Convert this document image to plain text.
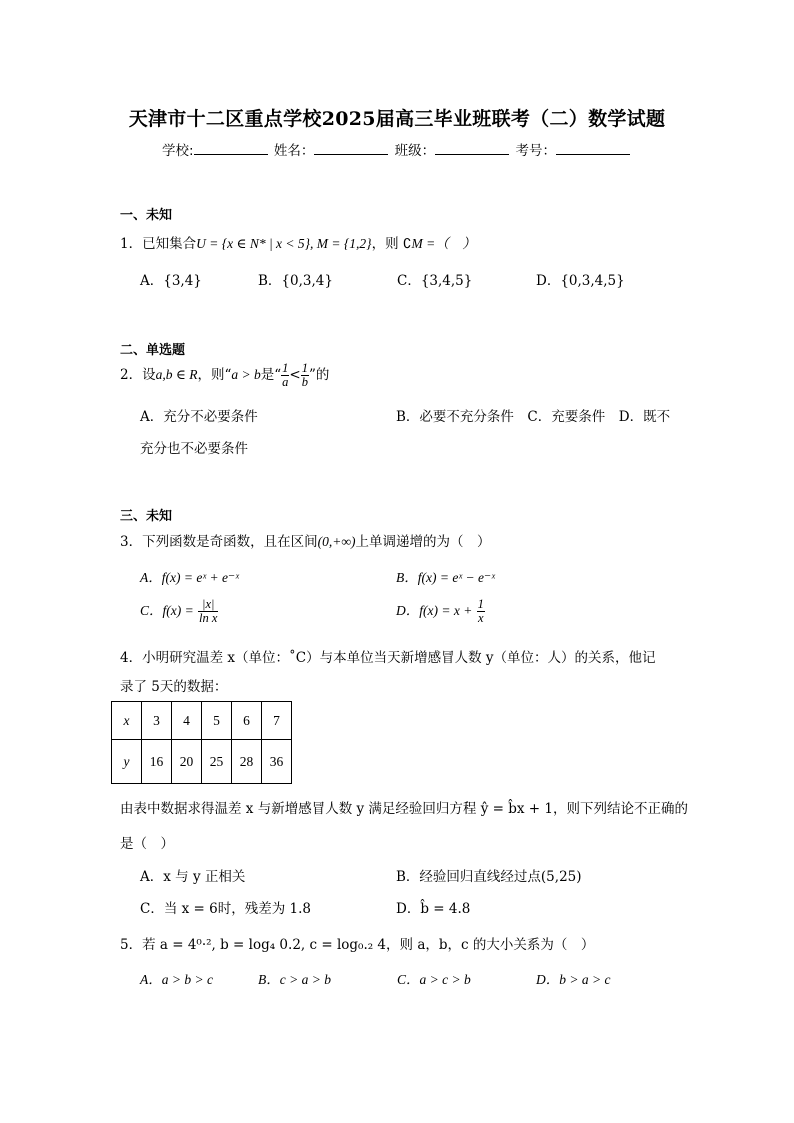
天津市十二区重点学校2025届高三毕业班联考（二）数学试题
学校:	姓名：	班级：	考号：
一、未知
1．已知集合U = {x ∈ N* | x < 5}, M = {1,2}，则 ∁M =（　）
A．{3,4}	B．{0,3,4}	C．{3,4,5}	D．{0,3,4,5}
二、单选题
2．设a,b ∈ R，则“a > b是“ $\frac{1}{a} < \frac{1}{b}$ ”的
A．充分不必要条件	B．必要不充分条件　C．充要条件　D．既不
充分也不必要条件
三、未知
3．下列函数是奇函数，且在区间(0,+∞)上单调递增的为（　）
A．f(x) = eˣ + e⁻ˣ	B．f(x) = eˣ − e⁻ˣ
C．$f(x) = \frac{|x|}{\text{ln x}}$	D．$f(x) = x + \frac{1}{x}$
4．小明研究温差 x（单位：˚C）与本单位当天新增感冒人数 y（单位：人）的关系，他记
录了 5天的数据：
x	3	4	5	6	7
y	16	20	25	28	36
由表中数据求得温差 x 与新增感冒人数 y 满足经验回归方程 ŷ = b̂x + 1，则下列结论不正确的
是（　）
A．x 与 y 正相关	B．经验回归直线经过点(5,25)
C．当 x = 6时，残差为 1.8	D．b̂ = 4.8
5．若 a = 4⁰·², b = log₄ 0.2, c = log₀.₂ 4，则 a，b，c 的大小关系为（　）
A．a > b > c	B．c > a > b	C．a > c > b	D．b > a > c
